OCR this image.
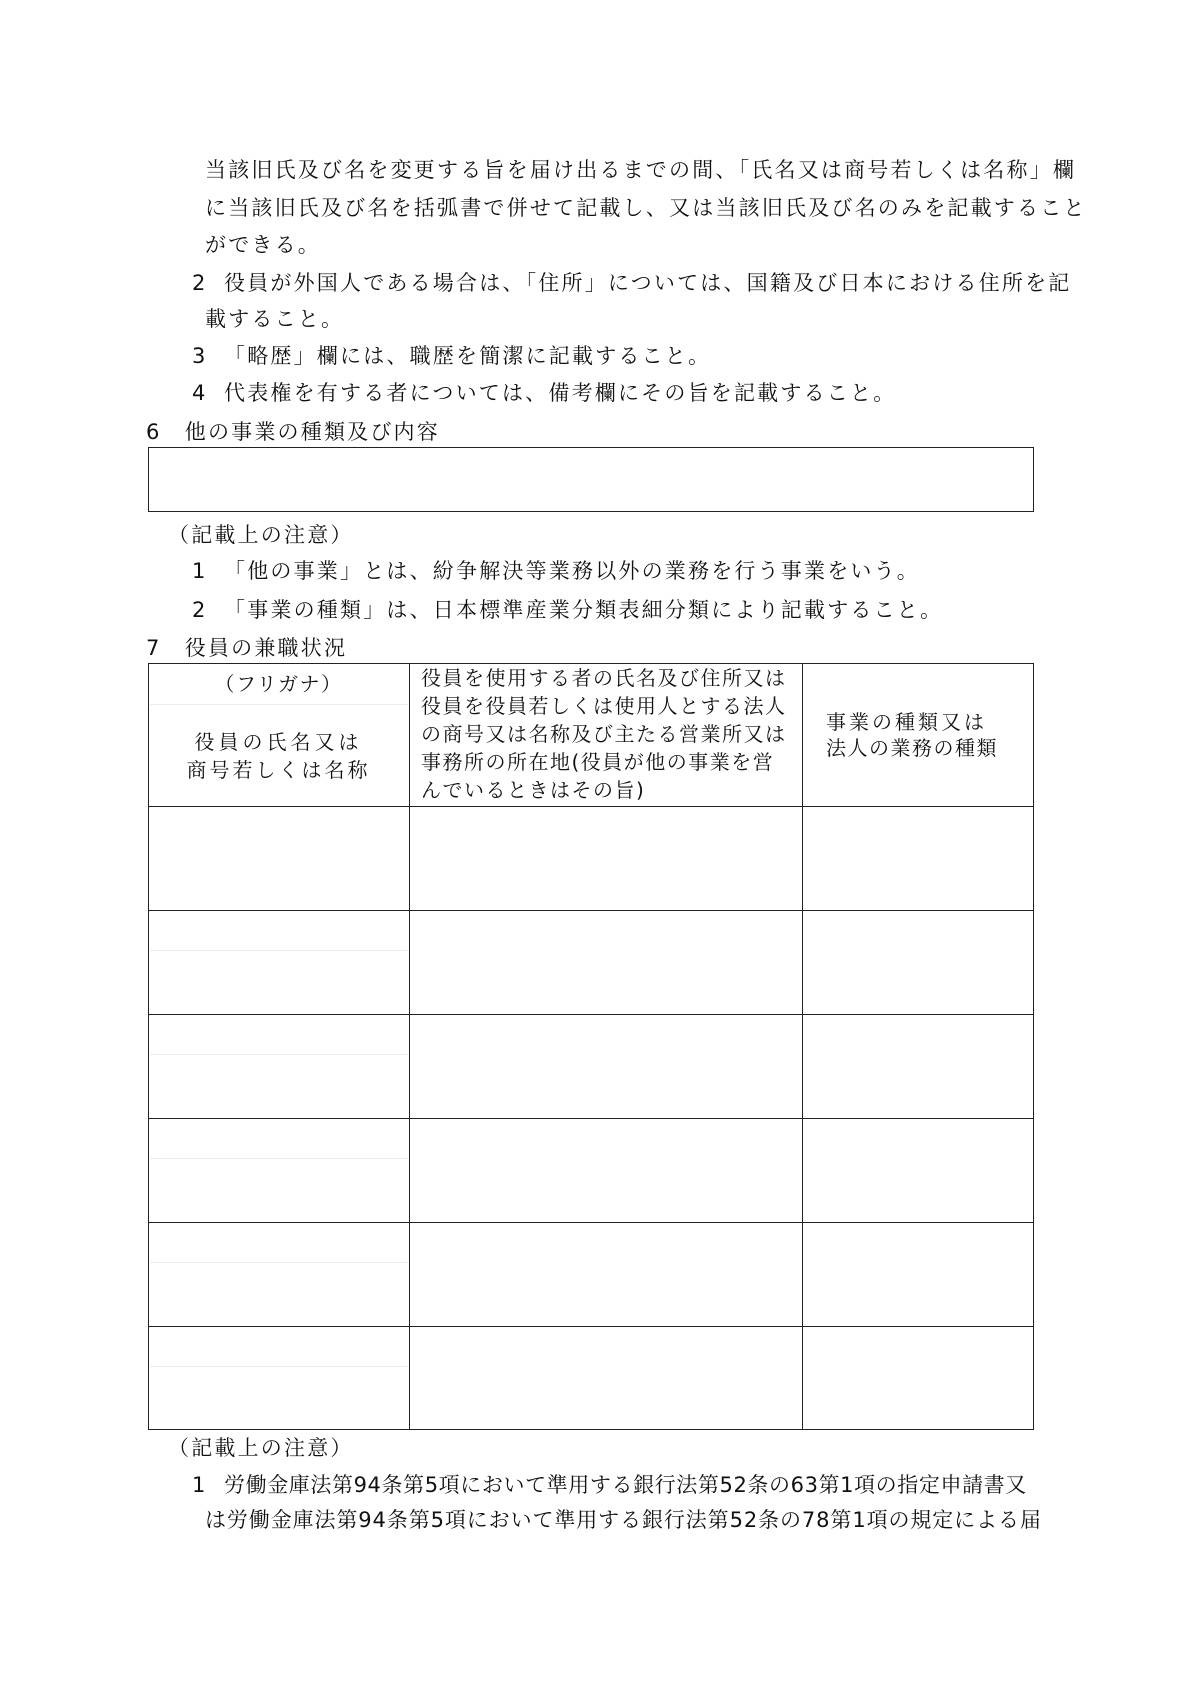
当該旧氏及び名を変更する旨を届け出るまでの間、「氏名又は商号若しくは名称」欄
に当該旧氏及び名を括弧書で併せて記載し、又は当該旧氏及び名のみを記載すること
ができる。
2 役員が外国人である場合は、「住所」については、国籍及び日本における住所を記
載すること。
3 「略歴」欄には、職歴を簡潔に記載すること。
4 代表権を有する者については、備考欄にその旨を記載すること。
6　他の事業の種類及び内容
（記載上の注意）
1 「他の事業」とは、紛争解決等業務以外の業務を行う事業をいう。
2 「事業の種類」は、日本標準産業分類表細分類により記載すること。
7　役員の兼職状況
（フリガナ）
役員の氏名又は
商号若しくは名称
役員を使用する者の氏名及び住所又は
役員を役員若しくは使用人とする法人
の商号又は名称及び主たる営業所又は
事務所の所在地(役員が他の事業を営
んでいるときはその旨)
事業の種類又は
法人の業務の種類
（記載上の注意）
1 労働金庫法第94条第5項において準用する銀行法第52条の63第1項の指定申請書又
は労働金庫法第94条第5項において準用する銀行法第52条の78第1項の規定による届
